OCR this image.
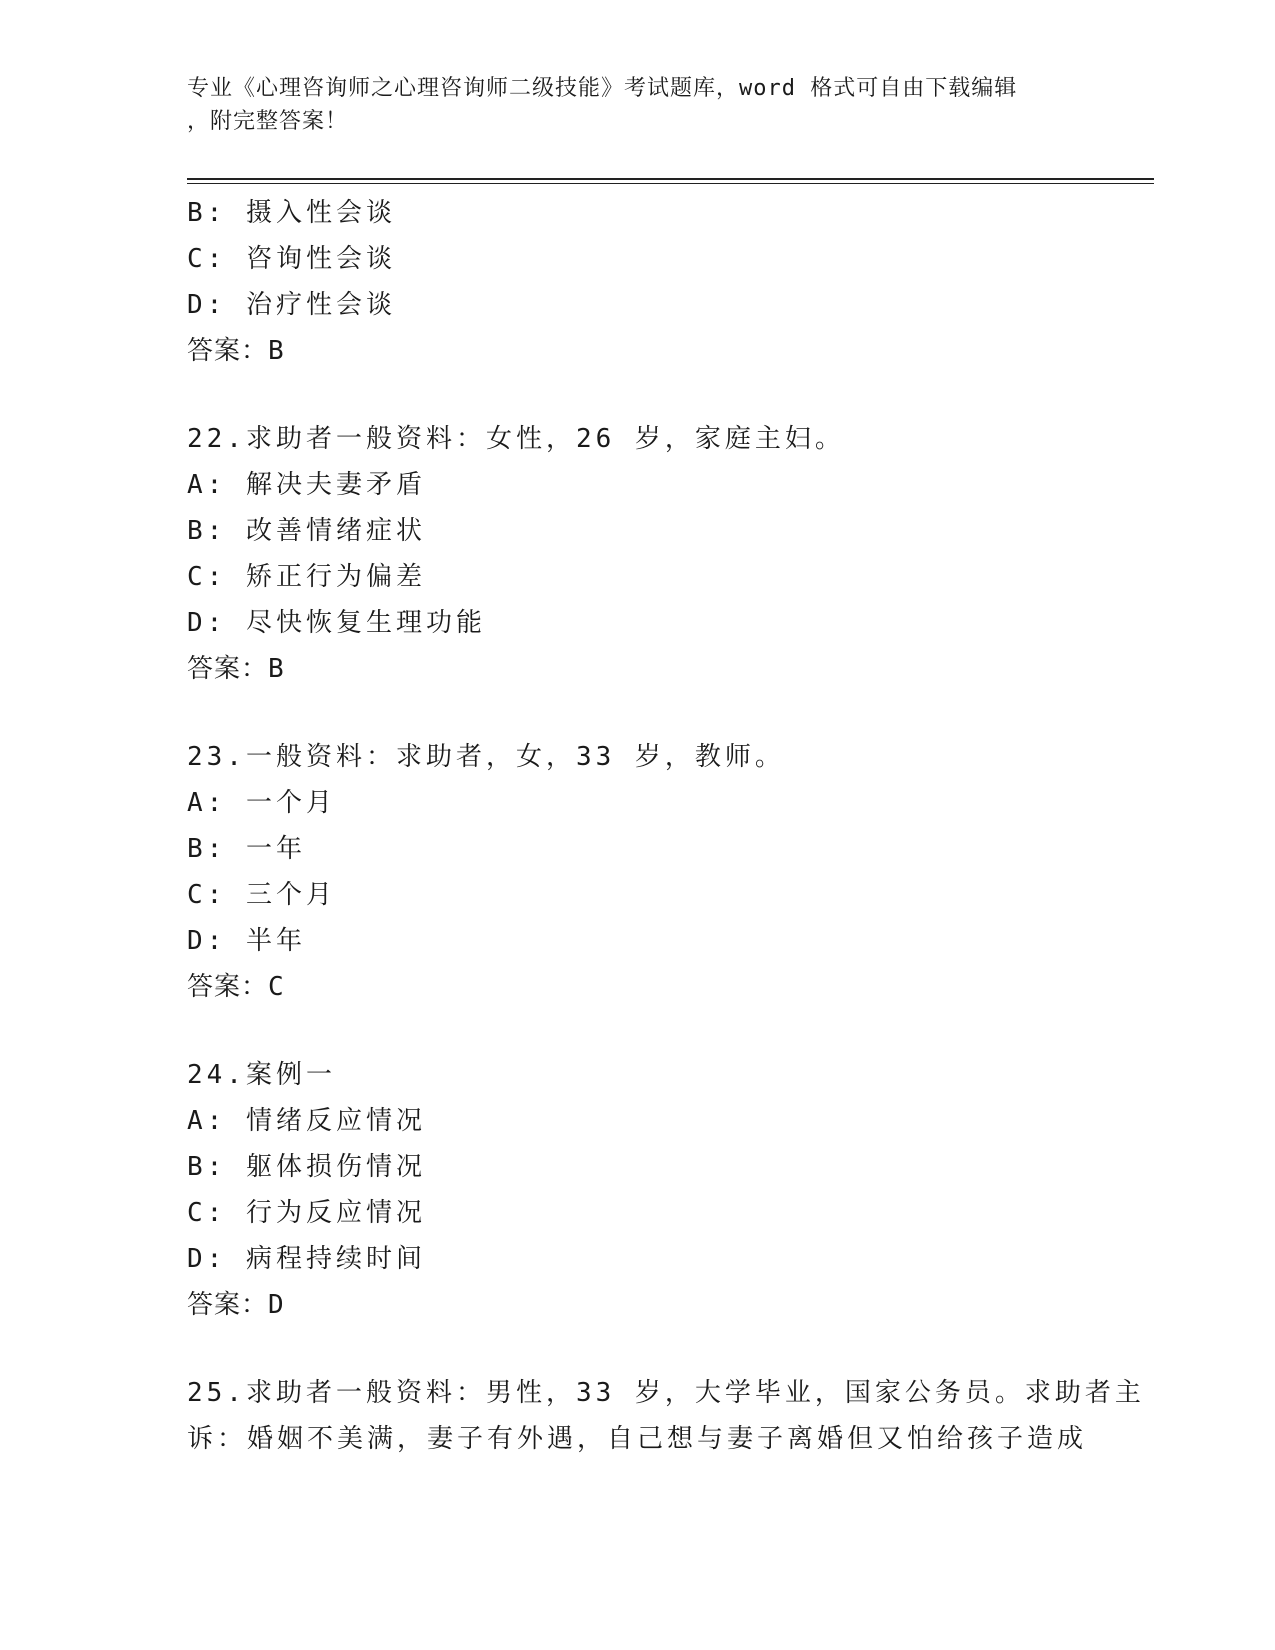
专业《心理咨询师之心理咨询师二级技能》考试题库，word 格式可自由下载编辑
，附完整答案！
B: 摄入性会谈
C: 咨询性会谈
D: 治疗性会谈
答案：B
22.求助者一般资料：女性，26 岁，家庭主妇。
A: 解决夫妻矛盾
B: 改善情绪症状
C: 矫正行为偏差
D: 尽快恢复生理功能
答案：B
23.一般资料：求助者，女，33 岁，教师。
A: 一个月
B: 一年
C: 三个月
D: 半年
答案：C
24.案例一
A: 情绪反应情况
B: 躯体损伤情况
C: 行为反应情况
D: 病程持续时间
答案：D
25.求助者一般资料：男性，33 岁，大学毕业，国家公务员。求助者主
诉：婚姻不美满，妻子有外遇，自己想与妻子离婚但又怕给孩子造成
